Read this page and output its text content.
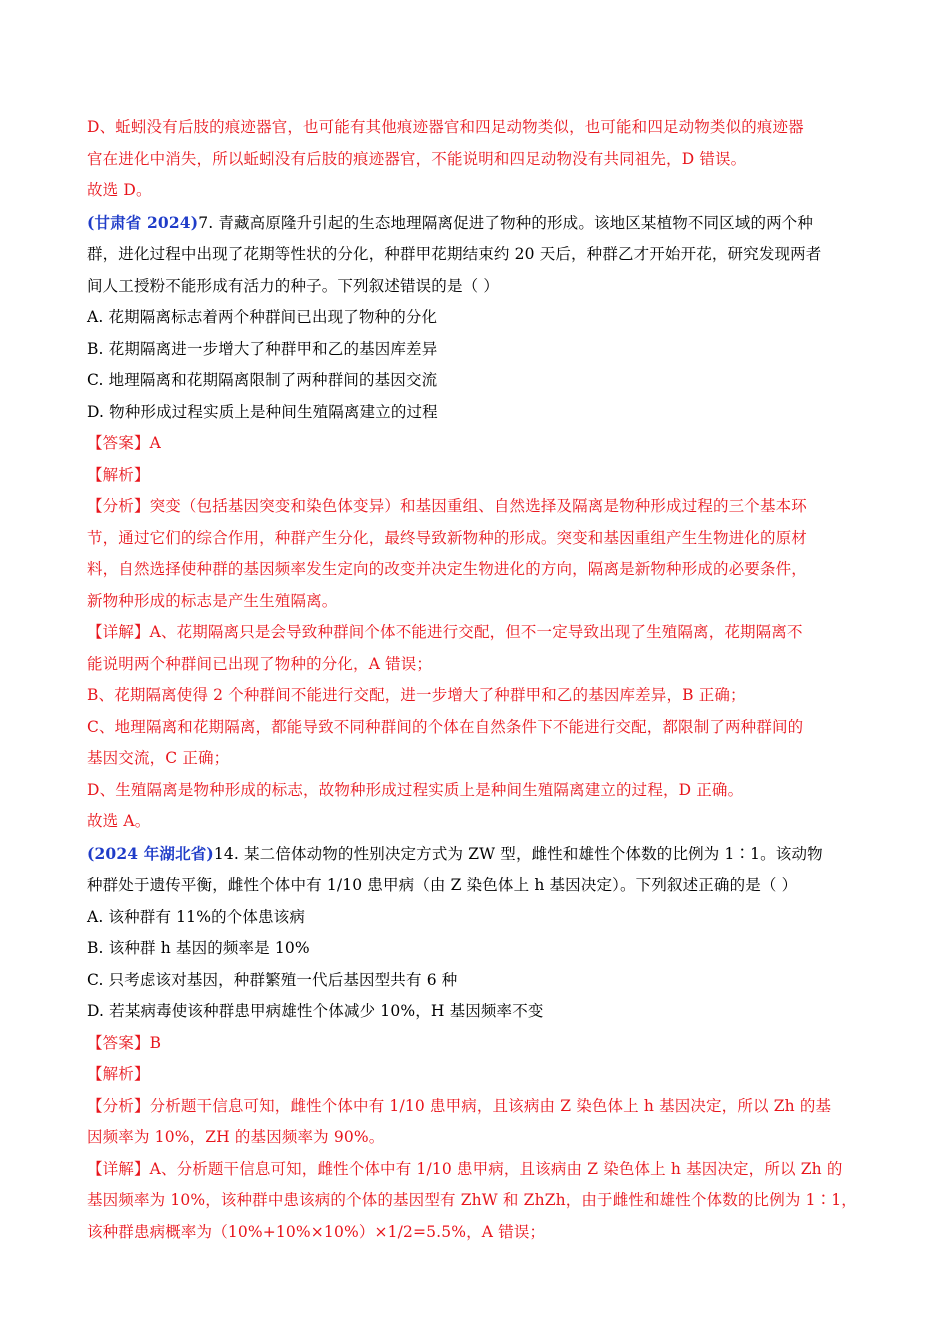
D、蚯蚓没有后肢的痕迹器官，也可能有其他痕迹器官和四足动物类似，也可能和四足动物类似的痕迹器
官在进化中消失，所以蚯蚓没有后肢的痕迹器官，不能说明和四足动物没有共同祖先，D 错误。
故选 D。
(甘肃省 2024)7. 青藏高原隆升引起的生态地理隔离促进了物种的形成。该地区某植物不同区域的两个种
群，进化过程中出现了花期等性状的分化，种群甲花期结束约 20 天后，种群乙才开始开花，研究发现两者
间人工授粉不能形成有活力的种子。下列叙述错误的是（ ）
A. 花期隔离标志着两个种群间已出现了物种的分化
B. 花期隔离进一步增大了种群甲和乙的基因库差异
C. 地理隔离和花期隔离限制了两种群间的基因交流
D. 物种形成过程实质上是种间生殖隔离建立的过程
【答案】A
【解析】
【分析】突变（包括基因突变和染色体变异）和基因重组、自然选择及隔离是物种形成过程的三个基本环
节，通过它们的综合作用，种群产生分化，最终导致新物种的形成。突变和基因重组产生生物进化的原材
料，自然选择使种群的基因频率发生定向的改变并决定生物进化的方向，隔离是新物种形成的必要条件，
新物种形成的标志是产生生殖隔离。
【详解】A、花期隔离只是会导致种群间个体不能进行交配，但不一定导致出现了生殖隔离，花期隔离不
能说明两个种群间已出现了物种的分化，A 错误；
B、花期隔离使得 2 个种群间不能进行交配，进一步增大了种群甲和乙的基因库差异，B 正确；
C、地理隔离和花期隔离，都能导致不同种群间的个体在自然条件下不能进行交配，都限制了两种群间的
基因交流，C 正确；
D、生殖隔离是物种形成的标志，故物种形成过程实质上是种间生殖隔离建立的过程，D 正确。
故选 A。
(2024 年湖北省)14. 某二倍体动物的性别决定方式为 ZW 型，雌性和雄性个体数的比例为 1∶1。该动物
种群处于遗传平衡，雌性个体中有 1/10 患甲病（由 Z 染色体上 h 基因决定）。下列叙述正确的是（ ）
A. 该种群有 11%的个体患该病
B. 该种群 h 基因的频率是 10%
C. 只考虑该对基因，种群繁殖一代后基因型共有 6 种
D. 若某病毒使该种群患甲病雄性个体减少 10%，H 基因频率不变
【答案】B
【解析】
【分析】分析题干信息可知，雌性个体中有 1/10 患甲病，且该病由 Z 染色体上 h 基因决定，所以 Zh 的基
因频率为 10%，ZH 的基因频率为 90%。
【详解】A、分析题干信息可知，雌性个体中有 1/10 患甲病，且该病由 Z 染色体上 h 基因决定，所以 Zh 的
基因频率为 10%，该种群中患该病的个体的基因型有 ZhW 和 ZhZh，由于雌性和雄性个体数的比例为 1∶1，
该种群患病概率为（10%+10%×10%）×1/2=5.5%，A 错误；
